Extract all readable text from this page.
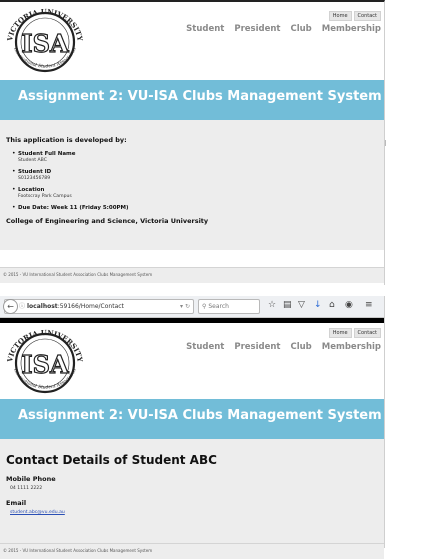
VICTORIA UNIVERSITY
ISA
International Student Association
Home	Contact
Student President Club Membership
Assignment 2: VU-ISA Clubs Management System
This application is developed by:
• Student Full Name
Student ABC
• Student ID
S0123456789
• Location
Footscray Park Campus
• Due Date: Week 11 (Friday 5:00PM)
College of Engineering and Science, Victoria University
© 2015 - VU International Student Association Clubs Management System
← ⓘ localhost:59166/Home/Contact	▾ ↻	⚲ Search	☆ ▤ ▽ ↓ ⌂ ◉ ≡
VICTORIA UNIVERSITY
ISA
International Student Association
Home	Contact
Student President Club Membership
Assignment 2: VU-ISA Clubs Management System
Contact Details of Student ABC
Mobile Phone
04 1111 2222
Email
student.abc@vu.edu.au
© 2015 - VU International Student Association Clubs Management System
